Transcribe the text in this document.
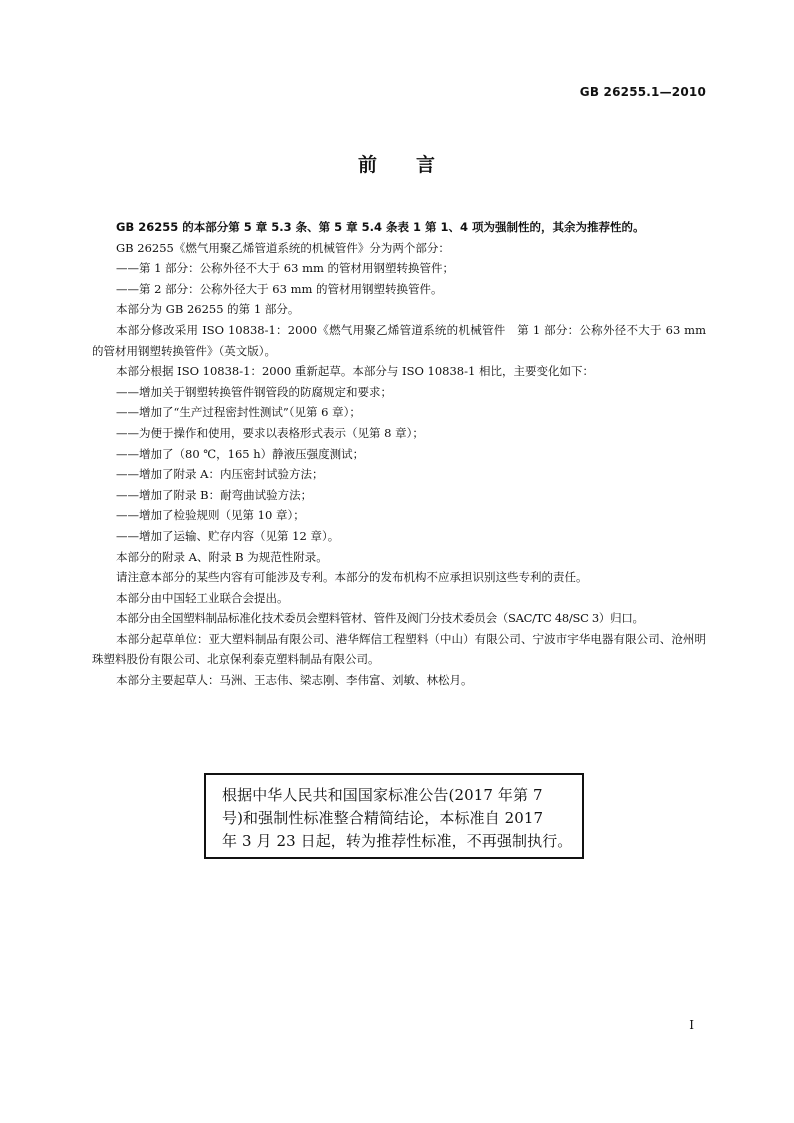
GB 26255.1—2010
前 言

GB 26255 的本部分第 5 章 5.3 条、第 5 章 5.4 条表 1 第 1、4 项为强制性的，其余为推荐性的。

GB 26255《燃气用聚乙烯管道系统的机械管件》分为两个部分：

——第 1 部分：公称外径不大于 63 mm 的管材用钢塑转换管件；

——第 2 部分：公称外径大于 63 mm 的管材用钢塑转换管件。

本部分为 GB 26255 的第 1 部分。

本部分修改采用 ISO 10838-1：2000《燃气用聚乙烯管道系统的机械管件　第 1 部分：公称外径不大于 63 mm 的管材用钢塑转换管件》（英文版）。

本部分根据 ISO 10838-1：2000 重新起草。本部分与 ISO 10838-1 相比，主要变化如下：

——增加关于钢塑转换管件钢管段的防腐规定和要求；

——增加了“生产过程密封性测试”（见第 6 章）；

——为便于操作和使用，要求以表格形式表示（见第 8 章）；

——增加了（80 ℃，165 h）静液压强度测试；

——增加了附录 A：内压密封试验方法；

——增加了附录 B：耐弯曲试验方法；

——增加了检验规则（见第 10 章）；

——增加了运输、贮存内容（见第 12 章）。

本部分的附录 A、附录 B 为规范性附录。

请注意本部分的某些内容有可能涉及专利。本部分的发布机构不应承担识别这些专利的责任。

本部分由中国轻工业联合会提出。

本部分由全国塑料制品标准化技术委员会塑料管材、管件及阀门分技术委员会（SAC/TC 48/SC 3）归口。

本部分起草单位：亚大塑料制品有限公司、港华辉信工程塑料（中山）有限公司、宁波市宇华电器有限公司、沧州明珠塑料股份有限公司、北京保利泰克塑料制品有限公司。

本部分主要起草人：马洲、王志伟、梁志刚、李伟富、刘敏、林松月。

根据中华人民共和国国家标准公告(2017 年第 7

号)和强制性标准整合精简结论，本标准自 2017

年 3 月 23 日起，转为推荐性标准，不再强制执行。

I
